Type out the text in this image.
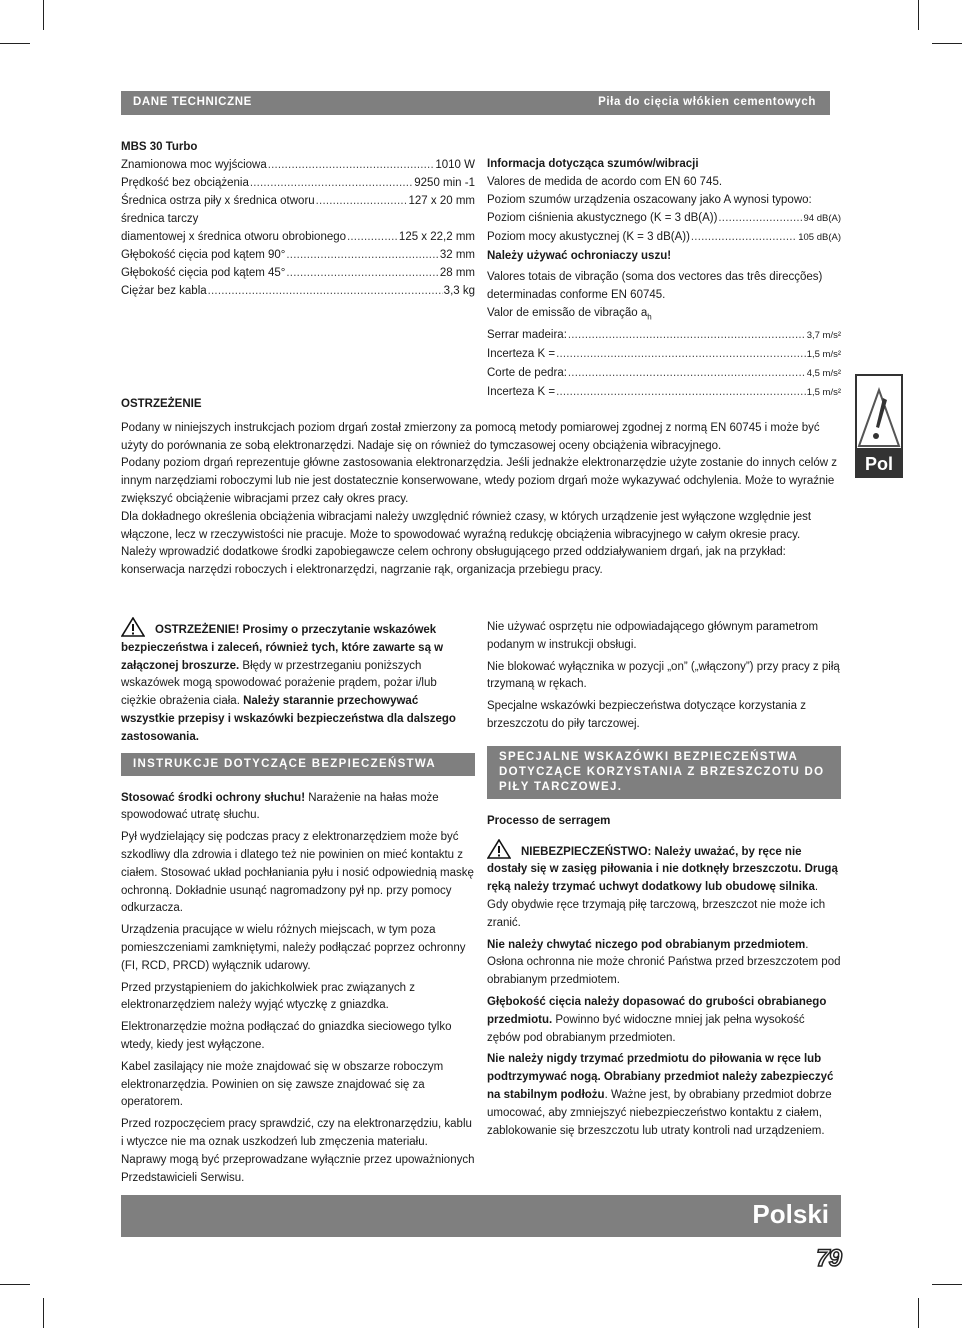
DANE TECHNICZNE	Piła do cięcia włókien cementowych
MBS 30 Turbo
Znamionowa moc wyjściowa . . .	1010 W
Prędkość bez obciążenia . . .	9250 min -1
Średnica ostrza piły x średnica otworu . . .	127 x 20 mm
średnica tarczy
diamentowej x średnica otworu obrobionego . . .	125 x 22,2 mm
Głębokość cięcia pod kątem 90° . . .	32 mm
Głębokość cięcia pod kątem 45° . . .	28 mm
Ciężar bez kabla . . .	3,3 kg
Informacja dotycząca szumów/wibracji
Valores de medida de acordo com EN 60 745.
Poziom szumów urządzenia oszacowany jako A wynosi typowo:
Poziom ciśnienia akustycznego (K = 3 dB(A)) . . .	94 dB(A)
Poziom mocy akustycznej (K = 3 dB(A)) . . .	105 dB(A)
Należy używać ochroniaczy uszu!
Valores totais de vibração (soma dos vectores das três direcções)
determinadas conforme EN 60745.
Valor de emissão de vibração $a_h$
Serrar madeira: . . .	3,7 m/s²
Incerteza K = . . .	1,5 m/s²
Corte de pedra: . . .	4,5 m/s²
Incerteza K = . . .	1,5 m/s²
OSTRZEŻENIE
Podany w niniejszych instrukcjach poziom drgań został zmierzony za pomocą metody pomiarowej zgodnej z normą EN 60745 i może być
użyty do porównania ze sobą elektronarzędzi. Nadaje się on również do tymczasowej oceny obciążenia wibracyjnego.
Podany poziom drgań reprezentuje główne zastosowania elektronarzędzia. Jeśli jednakże elektronarzędzie użyte zostanie do innych celów z
innym narzędziami roboczymi lub nie jest dostatecznie konserwowane, wtedy poziom drgań może wykazywać odchylenia. Może to wyraźnie
zwiększyć obciążenie wibracjami przez cały okres pracy.
Dla dokładnego określenia obciążenia wibracjami należy uwzględnić również czasy, w których urządzenie jest wyłączone względnie jest
włączone, lecz w rzeczywistości nie pracuje. Może to spowodować wyraźną redukcję obciążenia wibracyjnego w całym okresie pracy.
Należy wprowadzić dodatkowe środki zapobiegawcze celem ochrony obsługującego przed oddziaływaniem drgań, jak na przykład:
konserwacja narzędzi roboczych i elektronarzędzi, nagrzanie rąk, organizacja przebiegu pracy.

OSTRZEŻENIE! Prosimy o przeczytanie wskazówek bezpieczeństwa i zaleceń, również tych, które zawarte są w załączonej broszurze. Błędy w przestrzeganiu poniższych wskazówek mogą spowodować porażenie prądem, pożar i/lub ciężkie obrażenia ciała. Należy starannie przechowywać wszystkie przepisy i wskazówki bezpieczeństwa dla dalszego zastosowania.

INSTRUKCJE DOTYCZĄCE BEZPIECZEŃSTWA

Stosować środki ochrony słuchu! Narażenie na hałas może spowodować utratę słuchu.

Pył wydzielający się podczas pracy z elektronarzędziem może być szkodliwy dla zdrowia i dlatego też nie powinien on mieć kontaktu z ciałem. Stosować układ pochłaniania pyłu i nosić odpowiednią maskę ochronną. Dokładnie usunąć nagromadzony pył np. przy pomocy odkurzacza.

Urządzenia pracujące w wielu różnych miejscach, w tym poza pomieszczeniami zamkniętymi, należy podłączać poprzez ochronny (FI, RCD, PRCD) wyłącznik udarowy.

Przed przystąpieniem do jakichkolwiek prac związanych z elektronarzędziem należy wyjąć wtyczkę z gniazdka.

Elektronarzędzie można podłączać do gniazdka sieciowego tylko wtedy, kiedy jest wyłączone.

Kabel zasilający nie może znajdować się w obszarze roboczym elektronarzędzia. Powinien on się zawsze znajdować się za operatorem.

Przed rozpoczęciem pracy sprawdzić, czy na elektronarzędziu, kablu i wtyczce nie ma oznak uszkodzeń lub zmęczenia materiału. Naprawy mogą być przeprowadzane wyłącznie przez upoważnionych Przedstawicieli Serwisu.

Nie używać osprzętu nie odpowiadającego głównym parametrom podanym w instrukcji obsługi.

Nie blokować wyłącznika w pozycji „on” („włączony”) przy pracy z piłą trzymaną w rękach.

Specjalne wskazówki bezpieczeństwa dotyczące korzystania z brzeszczotu do piły tarczowej.

SPECJALNE WSKAZÓWKI BEZPIECZEŃSTWA DOTYCZĄCE KORZYSTANIA Z BRZESZCZOTU DO PIŁY TARCZOWEJ.

Processo de serragem

NIEBEZPIECZEŃSTWO: Należy uważać, by ręce nie dostały się w zasięg piłowania i nie dotknęły brzeszczotu. Drugą ręką należy trzymać uchwyt dodatkowy lub obudowę silnika. Gdy obydwie ręce trzymają piłę tarczową, brzeszczot nie może ich zranić.

Nie należy chwytać niczego pod obrabianym przedmiotem. Osłona ochronna nie może chronić Państwa przed brzeszczotem pod obrabianym przedmiotem.

Głębokość cięcia należy dopasować do grubości obrabianego przedmiotu. Powinno być widoczne mniej jak pełna wysokość zębów pod obrabianym przedmioten.

Nie należy nigdy trzymać przedmiotu do piłowania w ręce lub podtrzymywać nogą. Obrabiany przedmiot należy zabezpieczyć na stabilnym podłożu. Ważne jest, by obrabiany przedmiot dobrze umocować, aby zmniejszyć niebezpieczeństwo kontaktu z ciałem, zablokowanie się brzeszczotu lub utraty kontroli nad urządzeniem.

Pol
Polski
79
